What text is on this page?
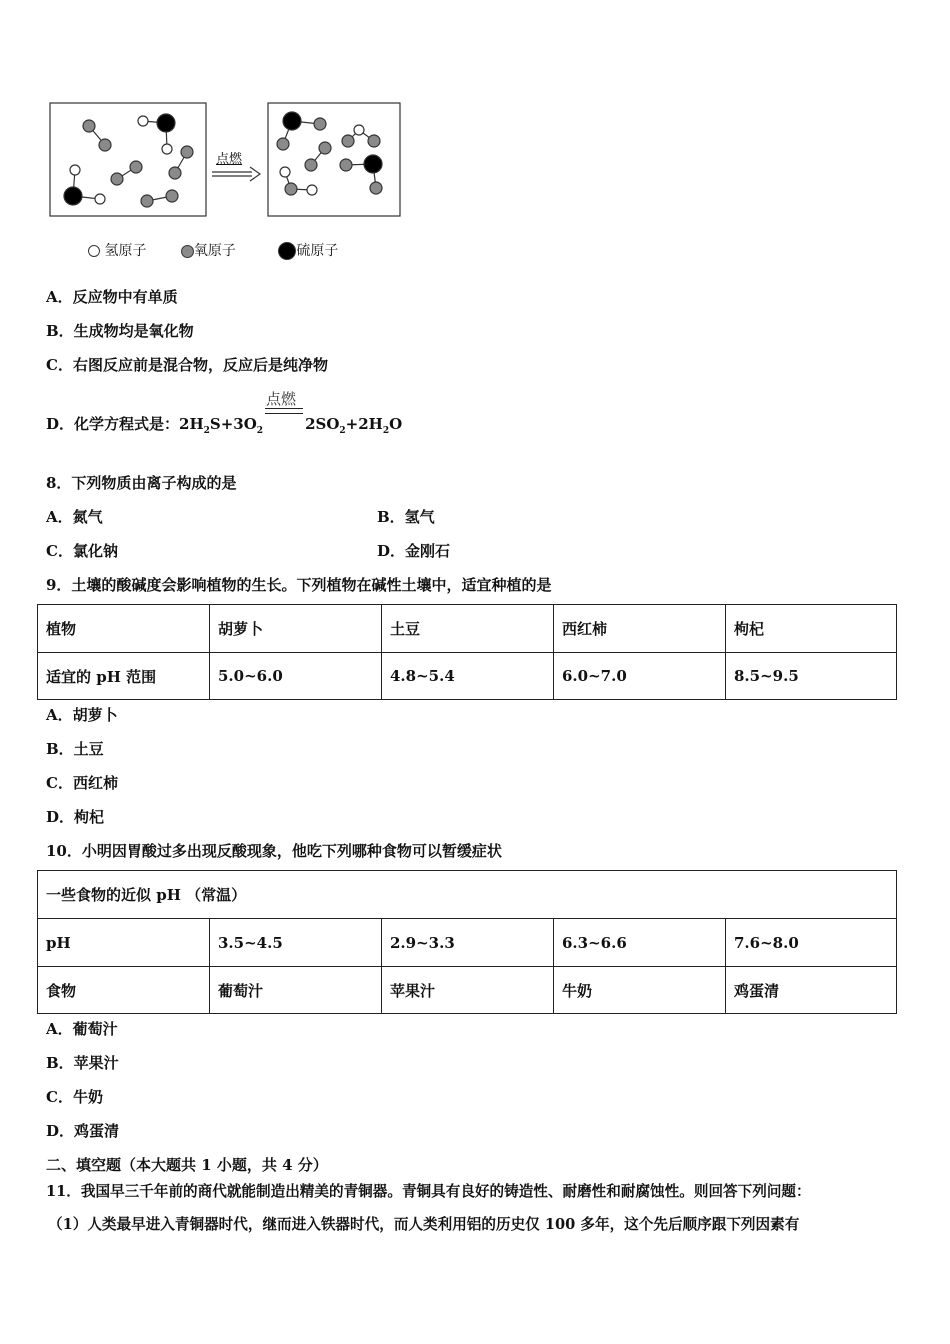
点燃
氢原子	氧原子	硫原子
A．反应物中有单质
B．生成物均是氧化物
C．右图反应前是混合物，反应后是纯净物
点燃
D．化学方程式是：$2H_2S+3O_2$	$2SO_2+2H_2O$
8．下列物质由离子构成的是
A．氮气	B．氢气
C．氯化钠	D．金刚石
9．土壤的酸碱度会影响植物的生长。下列植物在碱性土壤中，适宜种植的是
植物	胡萝卜	土豆	西红柿	枸杞
适宜的 pH 范围	5.0~6.0	4.8~5.4	6.0~7.0	8.5~9.5
A．胡萝卜
B．土豆
C．西红柿
D．枸杞
10．小明因胃酸过多出现反酸现象，他吃下列哪种食物可以暂缓症状
一些食物的近似 pH （常温）				
pH	3.5~4.5	2.9~3.3	6.3~6.6	7.6~8.0
食物	葡萄汁	苹果汁	牛奶	鸡蛋清
A．葡萄汁
B．苹果汁
C．牛奶
D．鸡蛋清
二、填空题（本大题共 1 小题，共 4 分）
11．我国早三千年前的商代就能制造出精美的青铜器。青铜具有良好的铸造性、耐磨性和耐腐蚀性。则回答下列问题：
（1）人类最早进入青铜器时代，继而进入铁器时代，而人类利用铝的历史仅 100 多年，这个先后顺序跟下列因素有
